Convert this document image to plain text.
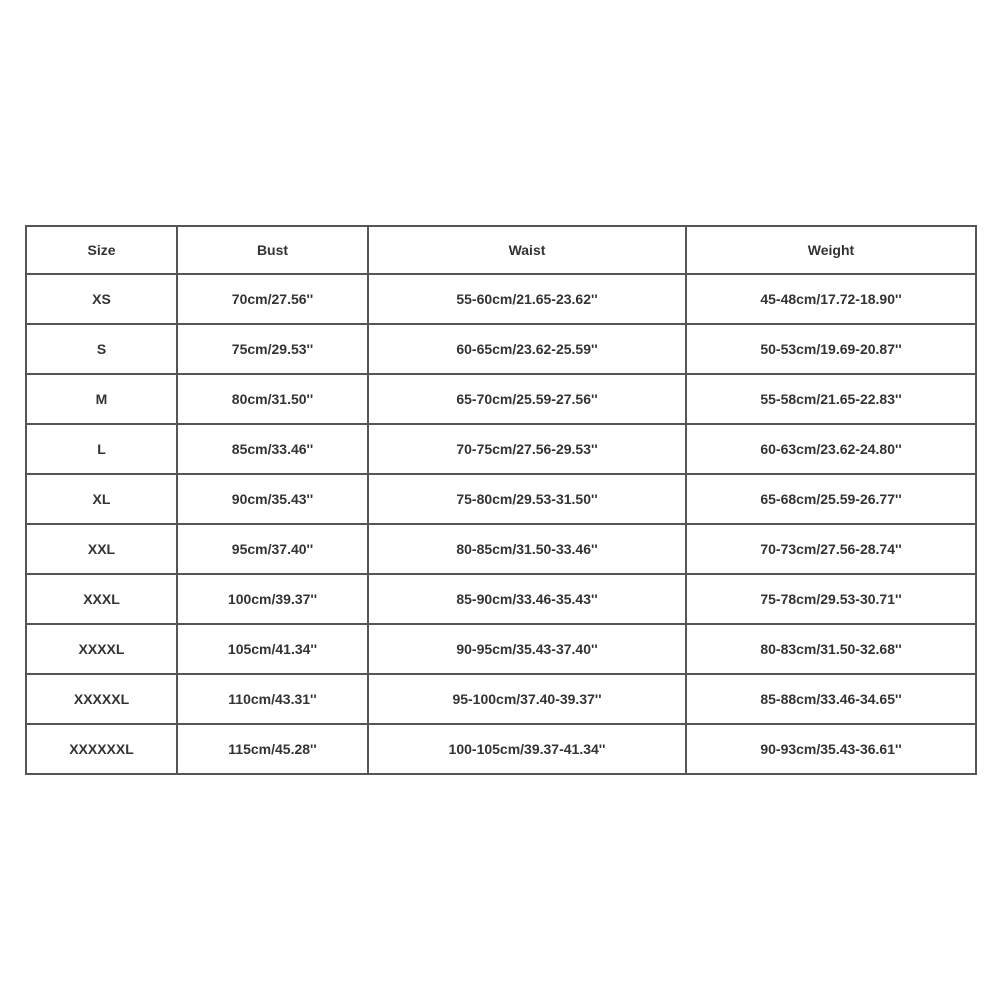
Size	Bust	Waist	Weight
XS	70cm/27.56''	55-60cm/21.65-23.62''	45-48cm/17.72-18.90''
S	75cm/29.53''	60-65cm/23.62-25.59''	50-53cm/19.69-20.87''
M	80cm/31.50''	65-70cm/25.59-27.56''	55-58cm/21.65-22.83''
L	85cm/33.46''	70-75cm/27.56-29.53''	60-63cm/23.62-24.80''
XL	90cm/35.43''	75-80cm/29.53-31.50''	65-68cm/25.59-26.77''
XXL	95cm/37.40''	80-85cm/31.50-33.46''	70-73cm/27.56-28.74''
XXXL	100cm/39.37''	85-90cm/33.46-35.43''	75-78cm/29.53-30.71''
XXXXL	105cm/41.34''	90-95cm/35.43-37.40''	80-83cm/31.50-32.68''
XXXXXL	110cm/43.31''	95-100cm/37.40-39.37''	85-88cm/33.46-34.65''
XXXXXXL	115cm/45.28''	100-105cm/39.37-41.34''	90-93cm/35.43-36.61''
